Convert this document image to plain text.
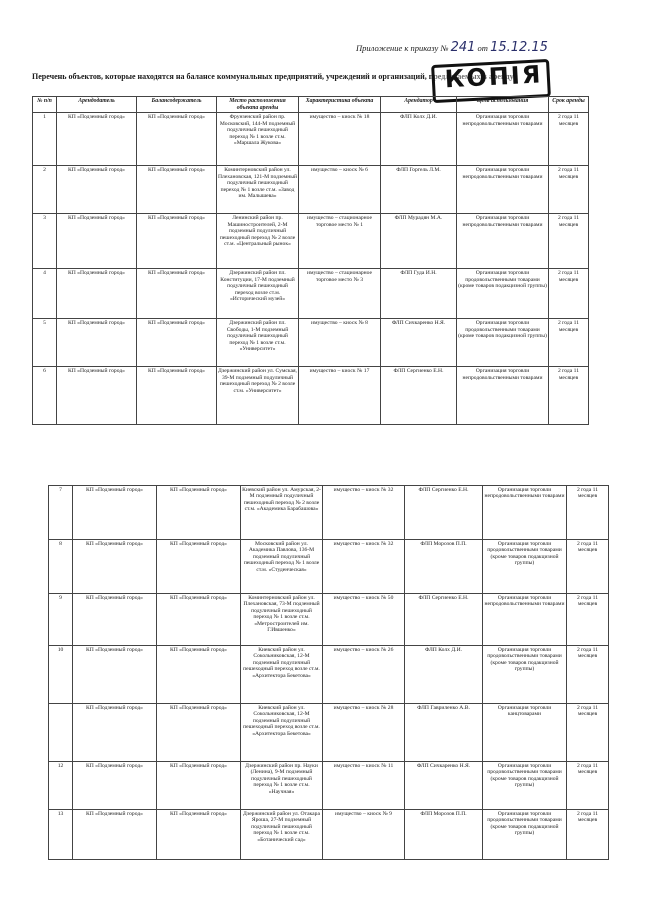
Приложение к приказу № 241 от 15.12.15
Перечень объектов, которые находятся на балансе коммунальных предприятий, учреждений и организаций, предлагаемых в аренду
КОПІЯ
№ п/п	Арендодатель	Балансодержатель	Место расположения объекта аренды	Характеристика объекта	Арендатор	Цель использования	Срок аренды
1	КП «Подземный город»	КП «Подземный город»	Фрунзенский район пр. Московский, 144-М подземный подуличный пешеходный переход № 1 возле ст.м. «Маршала Жукова»	имущество – киоск № 18	ФЛП Колх Д.И.	Организация торговли непродовольственными товарами	2 года 11 месяцев
2	КП «Подземный город»	КП «Подземный город»	Коминтерновский район ул. Плехановская, 121-М подземный подуличный пешеходный переход № 1 возле ст.м. «Завод им. Малышева»	имущество – киоск № 6	ФЛП Горгель Л.М.	Организация торговли непродовольственными товарами	2 года 11 месяцев
3	КП «Подземный город»	КП «Подземный город»	Ленинский район пр. Машиностроителей, 2-М подземный подуличный пешеходный переход № 2 возле ст.м. «Центральный рынок»	имущество – стационарное торговое место № 1	ФЛП Мурадян М.А.	Организация торговли непродовольственными товарами	2 года 11 месяцев
4	КП «Подземный город»	КП «Подземный город»	Дзержинский район пл. Конституции, 17-М подземный подуличный пешеходный переход возле ст.м. «Исторический музей»	имущество – стационарное торговое место № 3	ФЛП Гуда И.Н.	Организация торговли продовольственными товарами (кроме товаров подакцизной группы)	2 года 11 месяцев
5	КП «Подземный город»	КП «Подземный город»	Дзержинский район пл. Свободы, 1-М подземный подуличный пешеходный переход № 1 возле ст.м. «Университет»	имущество – киоск № 8	ФЛП Сичкаренко Н.Я.	Организация торговли продовольственными товарами (кроме товаров подакцизной группы)	2 года 11 месяцев
6	КП «Подземный город»	КП «Подземный город»	Дзержинский район ул. Сумская, 39-М подземный подуличный пешеходный переход № 2 возле ст.м. «Университет»	имущество – киоск № 17	ФЛП Сергиенко Е.Н.	Организация торговли непродовольственными товарами	2 года 11 месяцев
7	КП «Подземный город»	КП «Подземный город»	Киевский район ул. Амурская, 2-М подземный подуличный пешеходный переход № 2 возле ст.м. «Академика Барабашова»	имущество – киоск № 32	ФЛП Сергиенко Е.Н.	Организация торговли непродовольственными товарами	2 года 11 месяцев
8	КП «Подземный город»	КП «Подземный город»	Московский район ул. Академика Павлова, 136-М подземный подуличный пешеходный переход № 1 возле ст.м. «Студенческая»	имущество – киоск № 32	ФЛП Морозов П.П.	Организация торговли продовольственными товарами (кроме товаров подакцизной группы)	2 года 11 месяцев
9	КП «Подземный город»	КП «Подземный город»	Коминтерновский район ул. Плехановская, 73-М подземный подуличный пешеходный переход № 1 возле ст.м. «Метростроителей им. Г.Ившенко»	имущество – киоск № 50	ФЛП Сергиенко Е.Н.	Организация торговли непродовольственными товарами	2 года 11 месяцев
10	КП «Подземный город»	КП «Подземный город»	Киевский район ул. Сокольниковская, 12-М подземный подуличный пешеходный переход возле ст.м. «Архитектора Бекетова»	имущество – киоск № 26	ФЛП Колх Д.И.	Организация торговли продовольственными товарами (кроме товаров подакцизной группы)	2 года 11 месяцев
	КП «Подземный город»	КП «Подземный город»	Киевский район ул. Сокольниковская, 12-М подземный подуличный пешеходный переход возле ст.м. «Архитектора Бекетова»	имущество – киоск № 28	ФЛП Гавриленко А.В.	Организация торговли канцтоварами	2 года 11 месяцев
12	КП «Подземный город»	КП «Подземный город»	Дзержинский район пр. Науки (Ленина), 9-М подземный подуличный пешеходный переход № 1 возле ст.м. «Научная»	имущество – киоск № 11	ФЛП Сичкаренко Н.Я.	Организация торговли продовольственными товарами (кроме товаров подакцизной группы)	2 года 11 месяцев
13	КП «Подземный город»	КП «Подземный город»	Дзержинский район ул. Отакара Яроша, 27-М подземный подуличный пешеходный переход № 1 возле ст.м. «Ботанический сад»	имущество – киоск № 9	ФЛП Морозов П.П.	Организация торговли продовольственными товарами (кроме товаров подакцизной группы)	2 года 11 месяцев
